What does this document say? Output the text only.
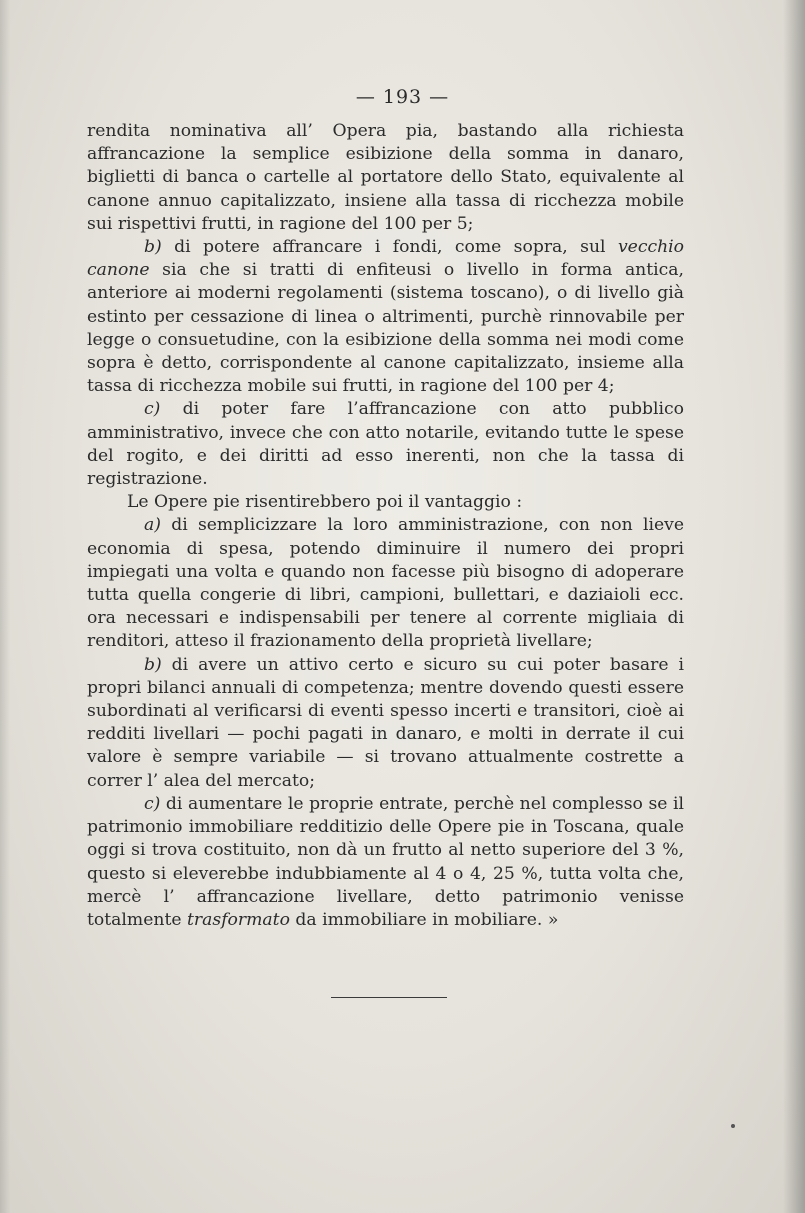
— 193 —

rendita nominativa all’ Opera pia, bastando alla richiesta affrancazione la semplice esibizione della somma in danaro, biglietti di banca o cartelle al portatore dello Stato, equivalente al canone annuo capitalizzato, insiene alla tassa di ricchezza mobile sui rispettivi frutti, in ragione del 100 per 5;

b) di potere affrancare i fondi, come sopra, sul vecchio canone sia che si tratti di enfiteusi o livello in forma antica, anteriore ai moderni regolamenti (sistema toscano), o di livello già estinto per cessazione di linea o altrimenti, purchè rinnovabile per legge o consuetudine, con la esibizione della somma nei modi come sopra è detto, corrispondente al canone capitalizzato, insieme alla tassa di ricchezza mobile sui frutti, in ragione del 100 per 4;

c) di poter fare l’affrancazione con atto pubblico amministrativo, invece che con atto notarile, evitando tutte le spese del rogito, e dei diritti ad esso inerenti, non che la tassa di registrazione.

Le Opere pie risentirebbero poi il vantaggio :

a) di semplicizzare la loro amministrazione, con non lieve economia di spesa, potendo diminuire il numero dei propri impiegati una volta e quando non facesse più bisogno di adoperare tutta quella congerie di libri, campioni, bullettari, e daziaioli ecc. ora necessari e indispensabili per tenere al corrente migliaia di renditori, atteso il frazionamento della proprietà livellare;

b) di avere un attivo certo e sicuro su cui poter basare i propri bilanci annuali di competenza; mentre dovendo questi essere subordinati al verificarsi di eventi spesso incerti e transitori, cioè ai redditi livellari — pochi pagati in danaro, e molti in derrate il cui valore è sempre variabile — si trovano attualmente costrette a correr l’ alea del mercato;

c) di aumentare le proprie entrate, perchè nel complesso se il patrimonio immobiliare redditizio delle Opere pie in Toscana, quale oggi si trova costituito, non dà un frutto al netto superiore del 3 %, questo si eleverebbe indubbiamente al 4 o 4, 25 %, tutta volta che, mercè l’ affrancazione livellare, detto patrimonio venisse totalmente trasformato da immobiliare in mobiliare. »
